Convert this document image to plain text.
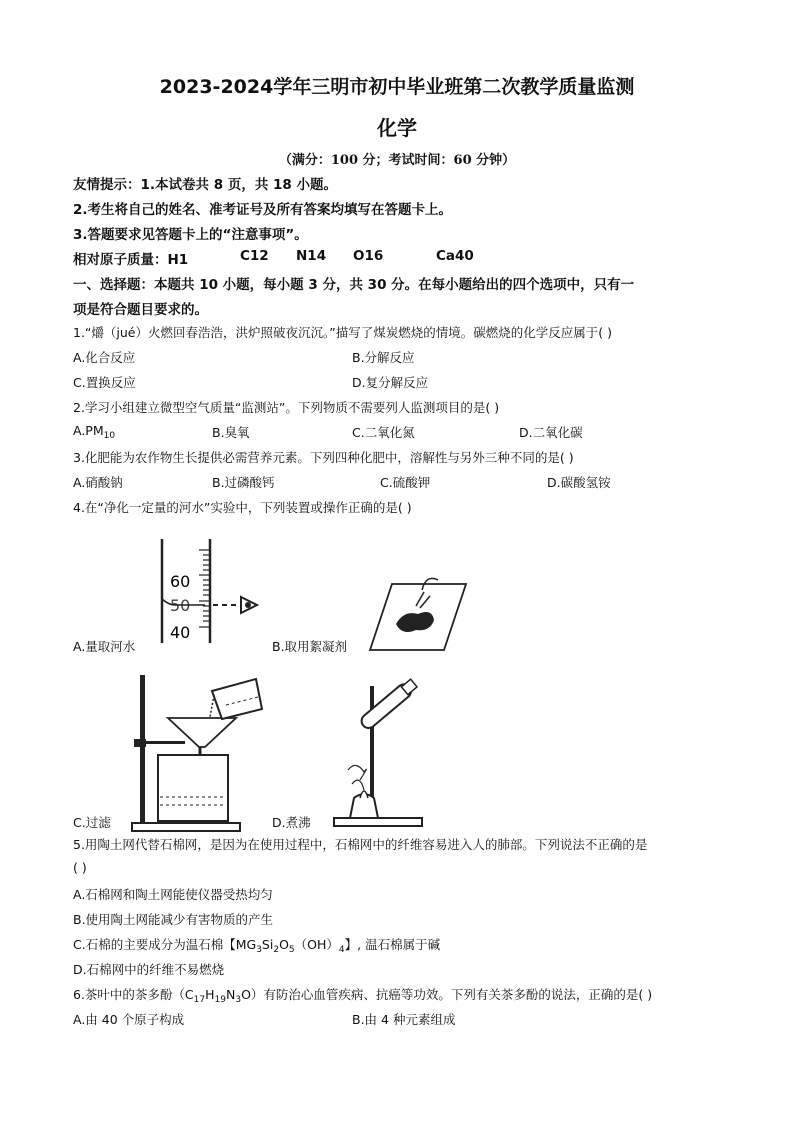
2023-2024学年三明市初中毕业班第二次教学质量监测
化学
（满分：100 分；考试时间：60 分钟）
友情提示：1.本试卷共 8 页，共 18 小题。
2.考生将自己的姓名、准考证号及所有答案均填写在答题卡上。
3.答题要求见答题卡上的“注意事项”。
相对原子质量：H1	C12 N14 O16	Ca40
一、选择题：本题共 10 小题，每小题 3 分，共 30 分。在每小题给出的四个选项中，只有一
项是符合题目要求的。
1.“爝（jué）火燃回春浩浩，洪炉照破夜沉沉。”描写了煤炭燃烧的情境。碳燃烧的化学反应属于( )
A.化合反应	B.分解反应
C.置换反应	D.复分解反应
2.学习小组建立微型空气质量“监测站”。下列物质不需要列人监测项目的是( )
$A.PM_{10}$	B.臭氧	C.二氧化氮	D.二氧化碳
3.化肥能为农作物生长提供必需营养元素。下列四种化肥中，溶解性与另外三种不同的是( )
A.硝酸钠	B.过磷酸钙	C.硫酸钾	D.碳酸氢铵
4.在“净化一定量的河水”实验中，下列装置或操作正确的是( )
60
50
40
A.量取河水	B.取用絮凝剂
C.过滤	D.煮沸
5.用陶土网代替石棉网，是因为在使用过程中，石棉网中的纤维容易进入人的肺部。下列说法不正确的是
( )
A.石棉网和陶土网能使仪器受热均匀
B.使用陶土网能减少有害物质的产生
C.石棉的主要成分为温石棉【$MG_3Si_2O_5(OH)_4$】, 温石棉属于碱
D.石棉网中的纤维不易燃烧
6.茶叶中的茶多酚$(C_{17}H_{19}N_3O)$有防治心血管疾病、抗癌等功效。下列有关茶多酚的说法，正确的是( )
A.由 40 个原子构成	B.由 4 种元素组成
